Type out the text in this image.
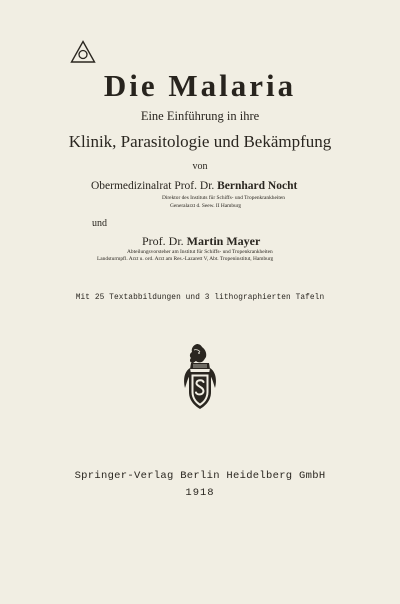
Die Malaria
Eine Einführung in ihre
Klinik, Parasitologie und Bekämpfung
von
Obermedizinalrat Prof. Dr. Bernhard Nocht
Direktor des Instituts für Schiffs- und Tropenkrankheiten
Generalarzt d. Seew. II Hamburg
und
Prof. Dr. Martin Mayer
Abteilungsvorsteher am Institut für Schiffs- und Tropenkrankheiten
Landsturmpfl. Arzt u. ord. Arzt am Res.-Lazarett V, Abt. Tropeninstitut, Hamburg
Mit 25 Textabbildungen und 3 lithographierten Tafeln
Springer-Verlag Berlin Heidelberg GmbH
1918
